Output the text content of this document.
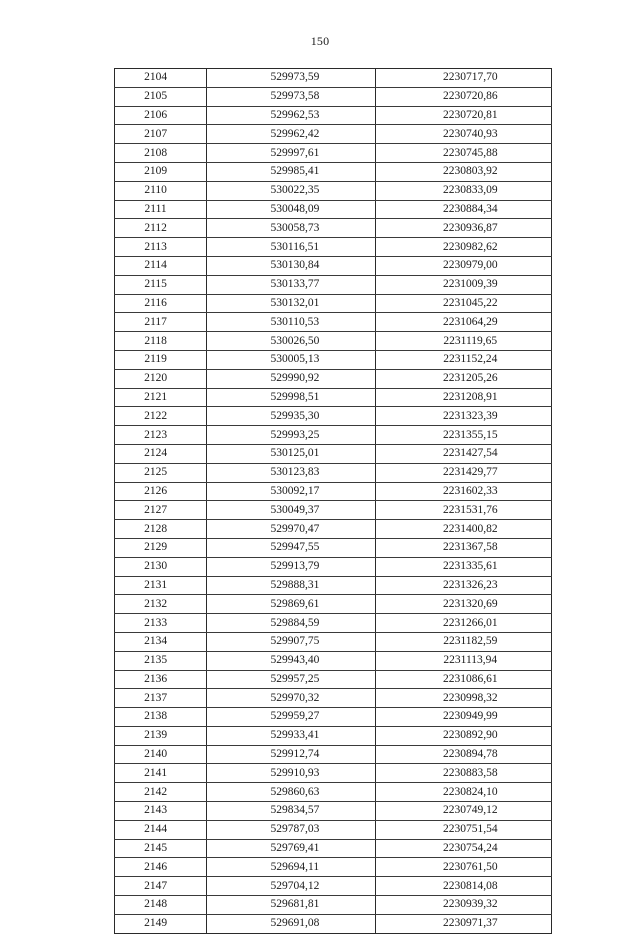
150
2104	529973,59	2230717,70
2105	529973,58	2230720,86
2106	529962,53	2230720,81
2107	529962,42	2230740,93
2108	529997,61	2230745,88
2109	529985,41	2230803,92
2110	530022,35	2230833,09
2111	530048,09	2230884,34
2112	530058,73	2230936,87
2113	530116,51	2230982,62
2114	530130,84	2230979,00
2115	530133,77	2231009,39
2116	530132,01	2231045,22
2117	530110,53	2231064,29
2118	530026,50	2231119,65
2119	530005,13	2231152,24
2120	529990,92	2231205,26
2121	529998,51	2231208,91
2122	529935,30	2231323,39
2123	529993,25	2231355,15
2124	530125,01	2231427,54
2125	530123,83	2231429,77
2126	530092,17	2231602,33
2127	530049,37	2231531,76
2128	529970,47	2231400,82
2129	529947,55	2231367,58
2130	529913,79	2231335,61
2131	529888,31	2231326,23
2132	529869,61	2231320,69
2133	529884,59	2231266,01
2134	529907,75	2231182,59
2135	529943,40	2231113,94
2136	529957,25	2231086,61
2137	529970,32	2230998,32
2138	529959,27	2230949,99
2139	529933,41	2230892,90
2140	529912,74	2230894,78
2141	529910,93	2230883,58
2142	529860,63	2230824,10
2143	529834,57	2230749,12
2144	529787,03	2230751,54
2145	529769,41	2230754,24
2146	529694,11	2230761,50
2147	529704,12	2230814,08
2148	529681,81	2230939,32
2149	529691,08	2230971,37
